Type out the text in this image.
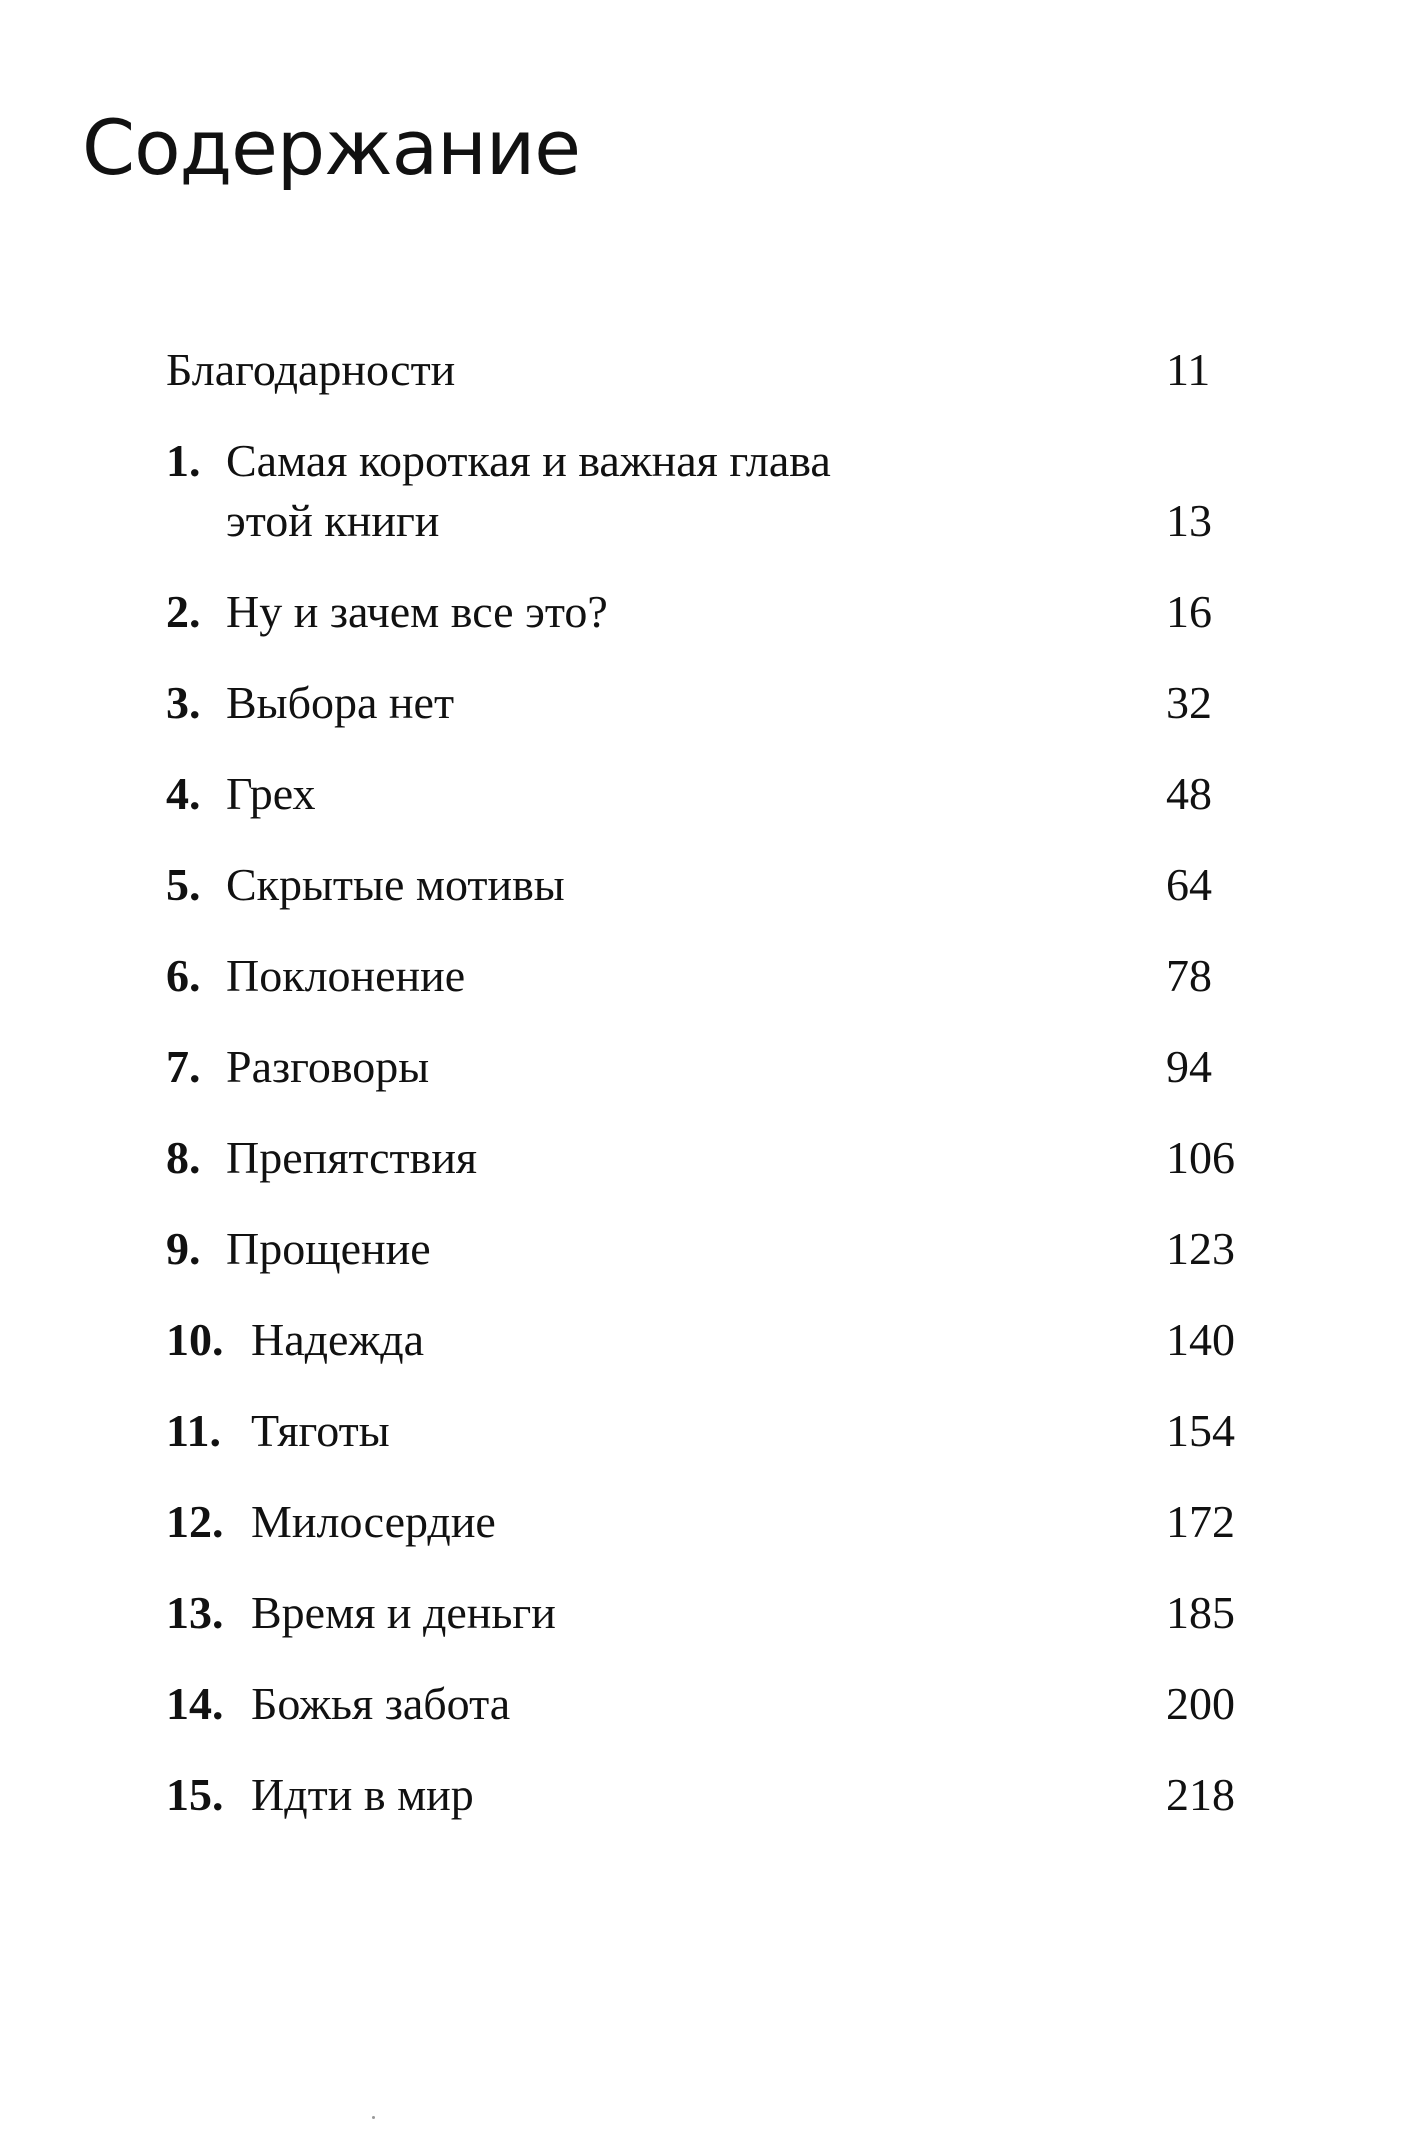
Содержание
Благодарности	11
1. Самая короткая и важная глава
этой книги	13
2. Ну и зачем все это?	16
3. Выбора нет	32
4. Грех	48
5. Скрытые мотивы	64
6. Поклонение	78
7. Разговоры	94
8. Препятствия	106
9. Прощение	123
10. Надежда	140
11. Тяготы	154
12. Милосердие	172
13. Время и деньги	185
14. Божья забота	200
15. Идти в мир	218
